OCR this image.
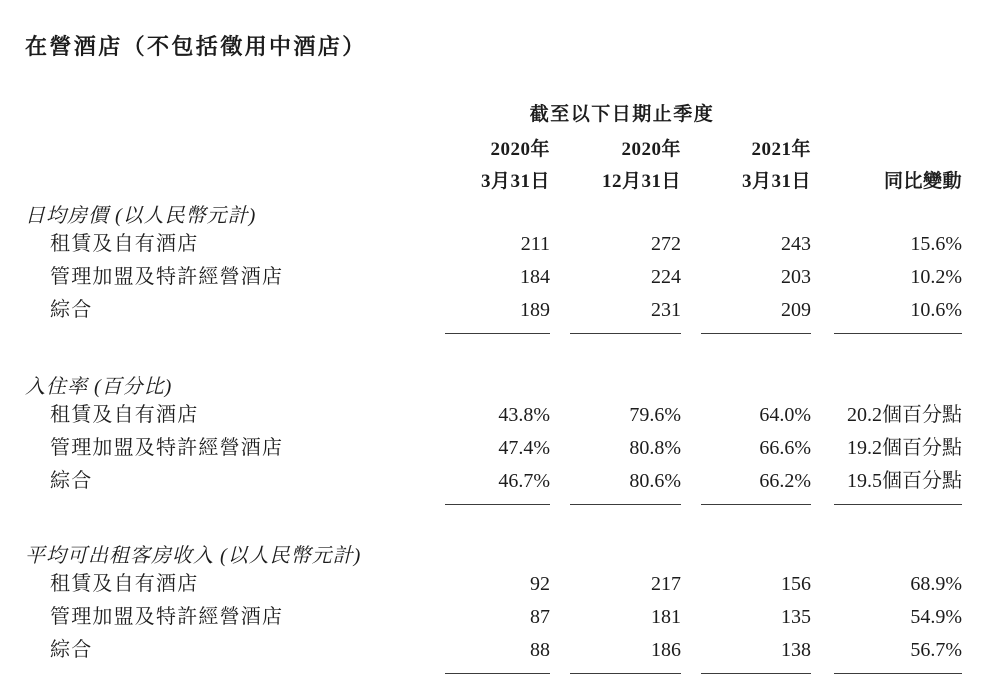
在營酒店（不包括徵用中酒店）
截至以下日期止季度
2020年	2020年	2021年
3月31日	12月31日	3月31日	同比變動
日均房價 (以人民幣元計)
租賃及自有酒店	211	272	243	15.6%
管理加盟及特許經營酒店	184	224	203	10.2%
綜合	189	231	209	10.6%
入住率 (百分比)
租賃及自有酒店	43.8%	79.6%	64.0%	20.2個百分點
管理加盟及特許經營酒店	47.4%	80.8%	66.6%	19.2個百分點
綜合	46.7%	80.6%	66.2%	19.5個百分點
平均可出租客房收入 (以人民幣元計)
租賃及自有酒店	92	217	156	68.9%
管理加盟及特許經營酒店	87	181	135	54.9%
綜合	88	186	138	56.7%
